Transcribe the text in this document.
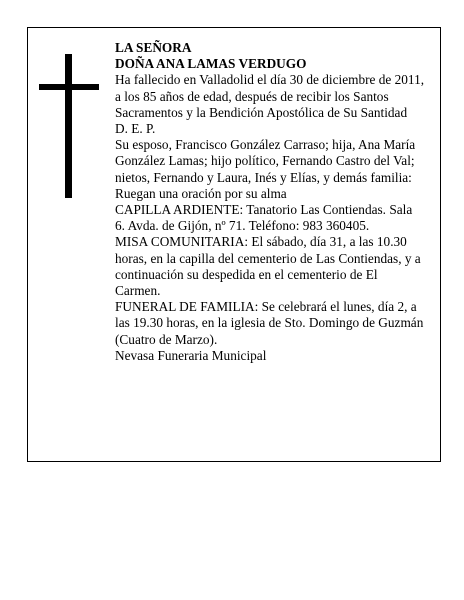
LA SEÑORA

DOÑA ANA LAMAS VERDUGO

Ha fallecido en Valladolid el día 30 de diciembre de 2011, a los 85 años de edad, después de recibir los Santos Sacramentos y la Bendición Apostólica de Su Santidad

D. E. P.

Su esposo, Francisco González Carraso; hija, Ana María González Lamas; hijo político, Fernando Castro del Val; nietos, Fernando y Laura, Inés y Elías, y demás familia:

Ruegan una oración por su alma

CAPILLA ARDIENTE: Tanatorio Las Contiendas. Sala 6. Avda. de Gijón, nº 71. Teléfono: 983 360405.

MISA COMUNITARIA: El sábado, día 31, a las 10.30 horas, en la capilla del cementerio de Las Contiendas, y a continuación su despedida en el cementerio de El Carmen.

FUNERAL DE FAMILIA: Se celebrará el lunes, día 2, a las 19.30 horas, en la iglesia de Sto. Domingo de Guzmán (Cuatro de Marzo).

Nevasa Funeraria Municipal
